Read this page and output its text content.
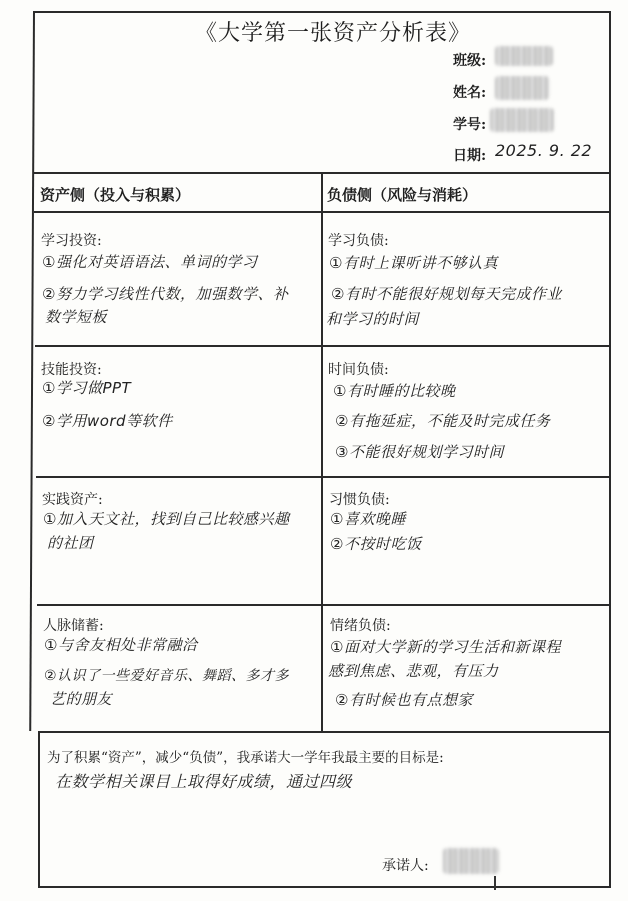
《大学第一张资产分析表》
班级:
姓名:
学号:
日期: 2025. 9. 22
资产侧（投入与积累）	负债侧（风险与消耗）
学习投资:
①强化对英语语法、单词的学习
②努力学习线性代数，加强数学、补
数学短板
学习负债:
①有时上课听讲不够认真
②有时不能很好规划每天完成作业
和学习的时间
技能投资:
①学习做PPT
②学用word等软件
时间负债:
①有时睡的比较晚
②有拖延症，不能及时完成任务
③不能很好规划学习时间
实践资产:
①加入天文社，找到自己比较感兴趣
的社团
习惯负债:
①喜欢晚睡
②不按时吃饭
人脉储蓄:
①与舍友相处非常融洽
②认识了一些爱好音乐、舞蹈、多才多
艺的朋友
情绪负债:
①面对大学新的学习生活和新课程
感到焦虑、悲观，有压力
②有时候也有点想家
为了积累“资产”，减少“负债”，我承诺大一学年我最主要的目标是:
在数学相关课目上取得好成绩，通过四级
承诺人:
